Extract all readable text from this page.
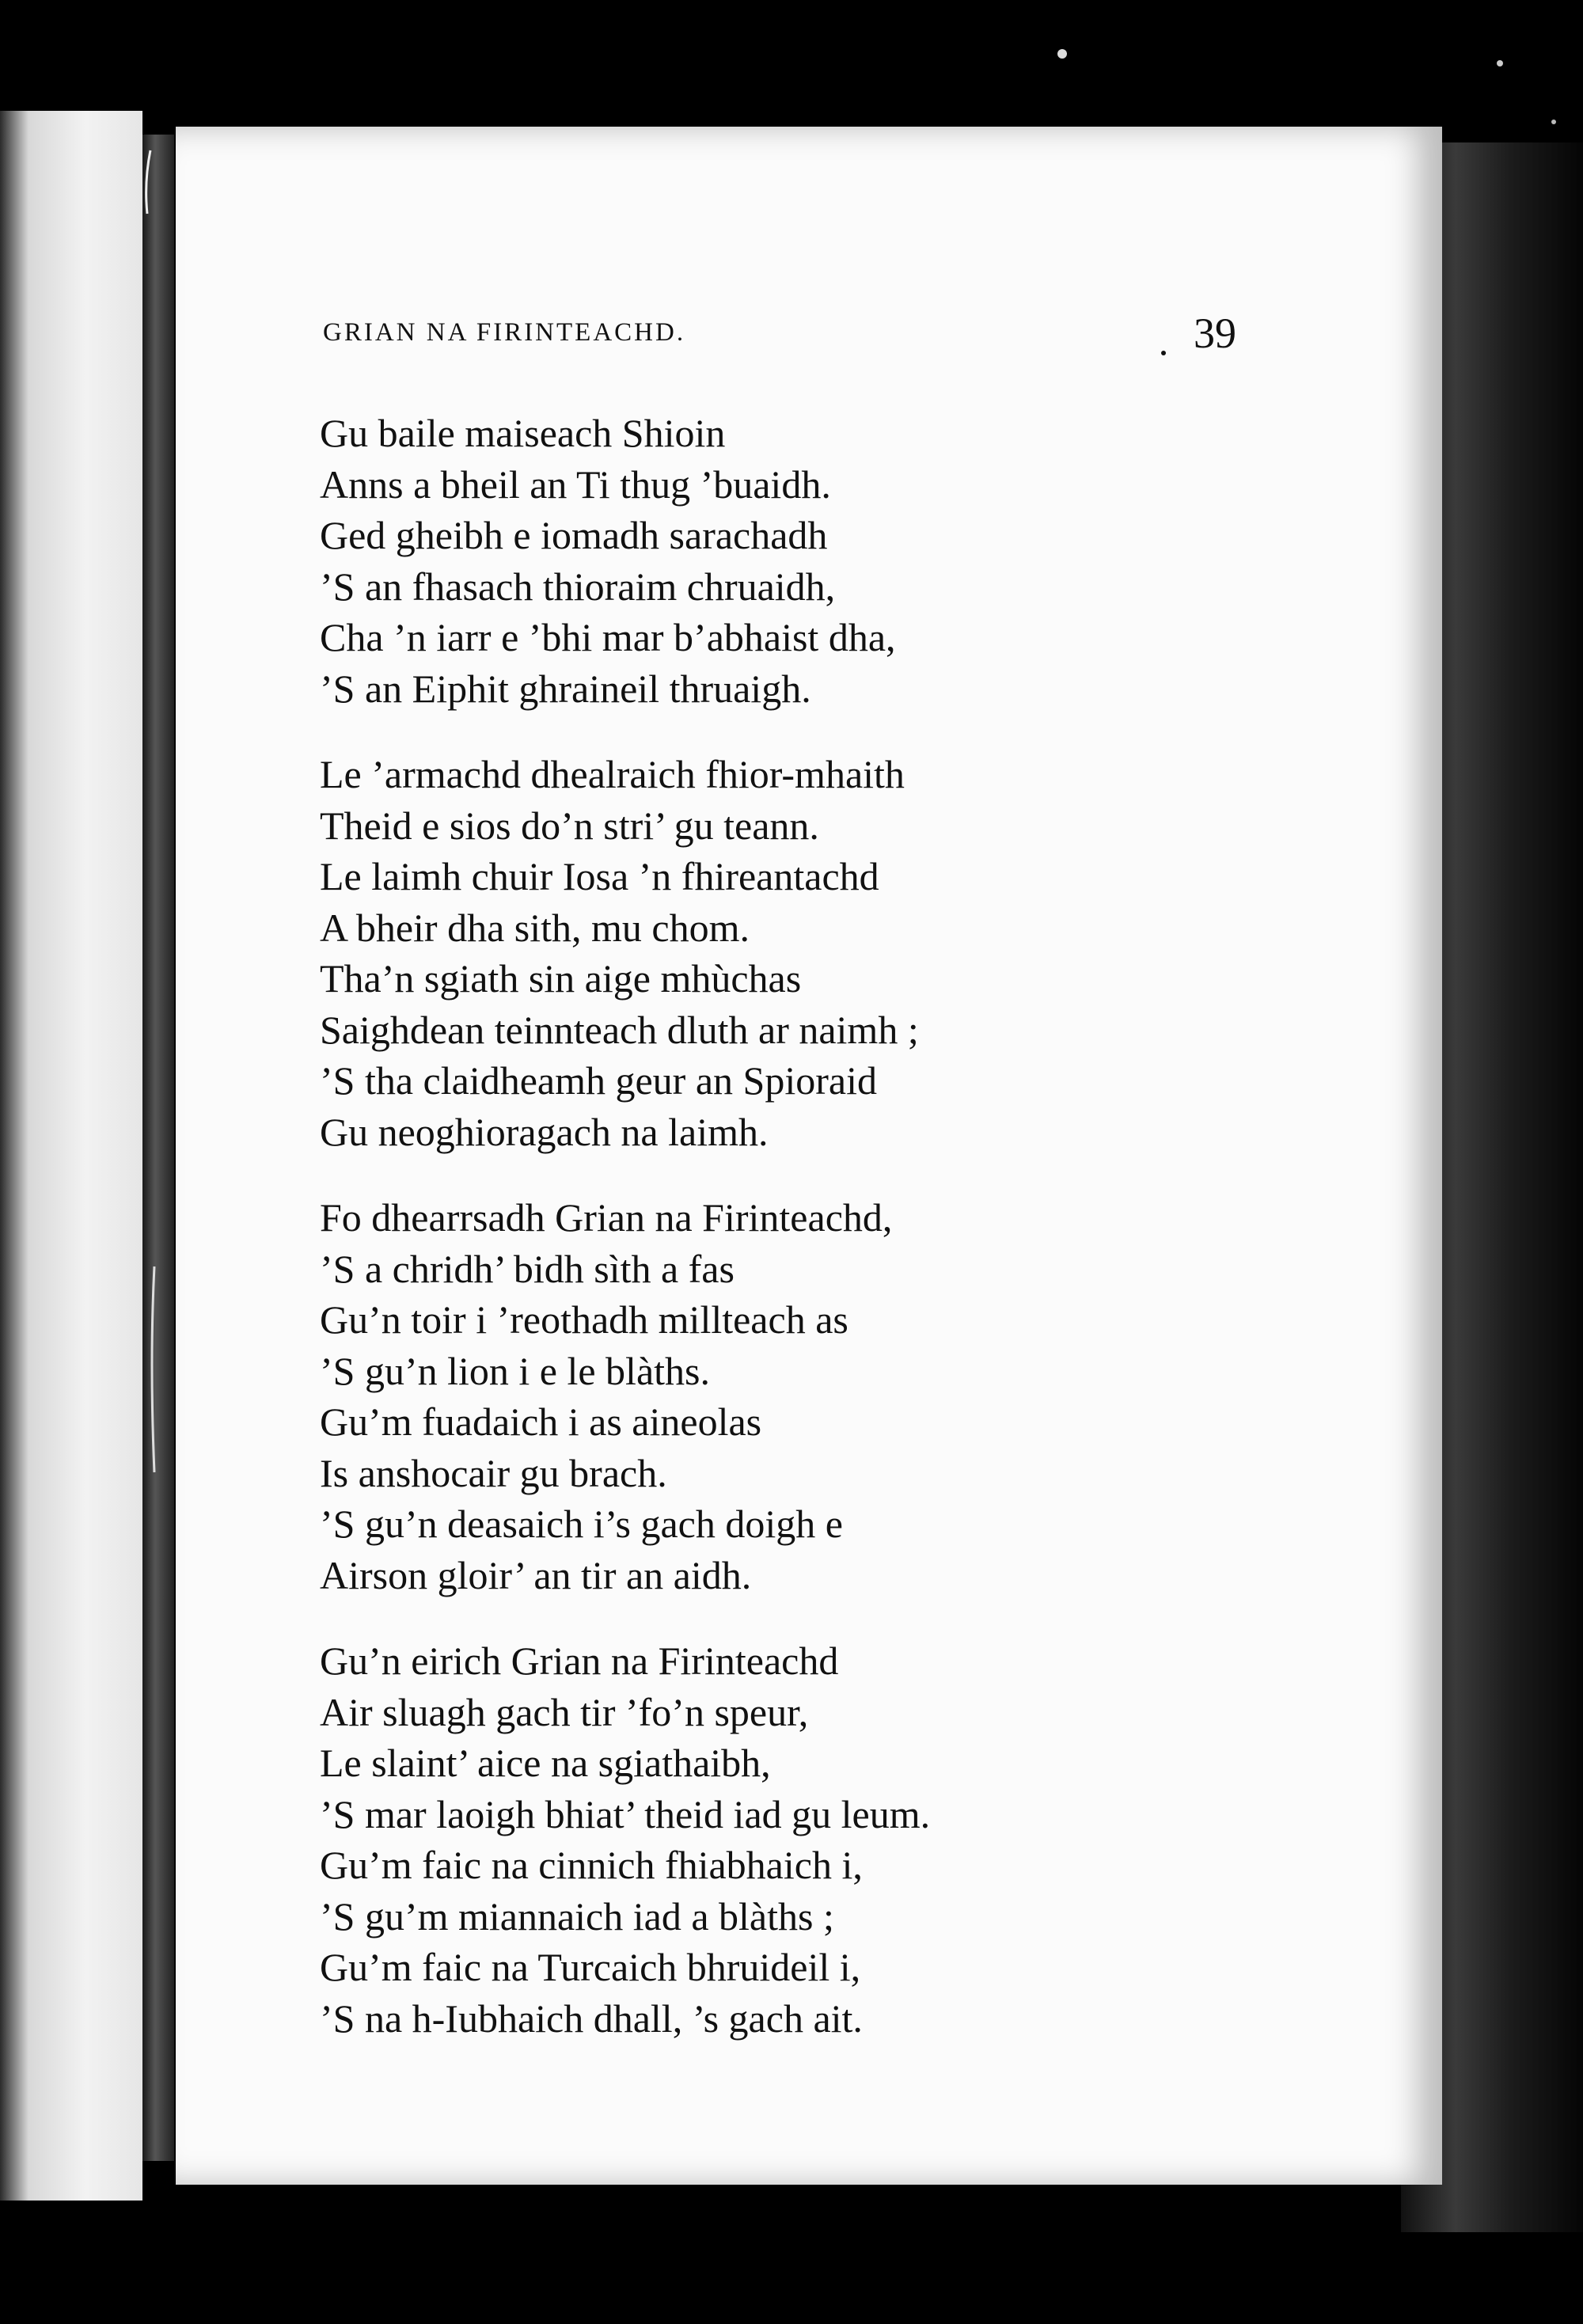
GRIAN NA FIRINTEACHD.	39
Gu baile maiseach Shioin
Anns a bheil an Ti thug ’buaidh.
Ged gheibh e iomadh sarachadh
’S an fhasach thioraim chruaidh,
Cha ’n iarr e ’bhi mar b’abhaist dha,
’S an Eiphit ghraineil thruaigh.
Le ’armachd dhealraich fhior-mhaith
Theid e sios do’n stri’ gu teann.
Le laimh chuir Iosa ’n fhireantachd
A bheir dha sith, mu chom.
Tha’n sgiath sin aige mhùchas
Saighdean teinnteach dluth ar naimh ;
’S tha claidheamh geur an Spioraid
Gu neoghioragach na laimh.
Fo dhearrsadh Grian na Firinteachd,
’S a chridh’ bidh sìth a fas
Gu’n toir i ’reothadh millteach as
’S gu’n lion i e le blàths.
Gu’m fuadaich i as aineolas
Is anshocair gu brach.
’S gu’n deasaich i’s gach doigh e
Airson gloir’ an tir an aidh.
Gu’n eirich Grian na Firinteachd
Air sluagh gach tir ’fo’n speur,
Le slaint’ aice na sgiathaibh,
’S mar laoigh bhiat’ theid iad gu leum.
Gu’m faic na cinnich fhiabhaich i,
’S gu’m miannaich iad a blàths ;
Gu’m faic na Turcaich bhruideil i,
’S na h-Iubhaich dhall, ’s gach ait.
